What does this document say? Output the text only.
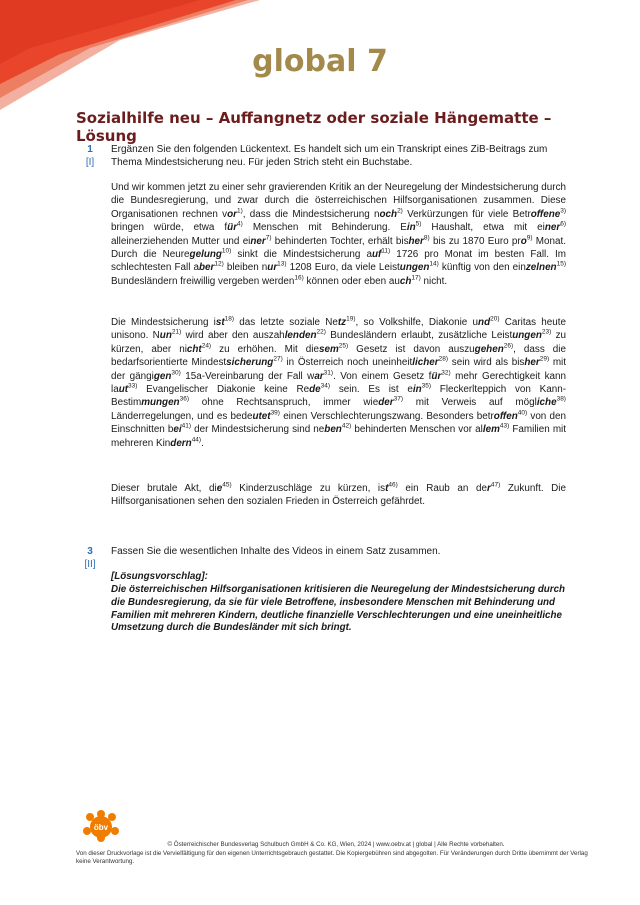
global 7
Sozialhilfe neu – Auffangnetz oder soziale Hängematte – Lösung
1
[I]
Ergänzen Sie den folgenden Lückentext. Es handelt sich um ein Transkript eines ZiB-Beitrags zum Thema Mindestsicherung neu. Für jeden Strich steht ein Buchstabe.
Und wir kommen jetzt zu einer sehr gravierenden Kritik an der Neuregelung der Mindestsicherung durch die Bundesregierung, und zwar durch die österreichischen Hilfsorganisationen zusammen. Diese Organisationen rechnen vor$^{1)}$, dass die Mindestsicherung noch$^{2)}$ Verkürzungen für viele Betroffene$^{3)}$ bringen würde, etwa für$^{4)}$ Menschen mit Behinderung. Ein$^{5)}$ Haushalt, etwa mit einer$^{6)}$ alleinerziehenden Mutter und einer$^{7)}$ behinderten Tochter, erhält bisher$^{8)}$ bis zu 1870 Euro pro$^{9)}$ Monat. Durch die Neuregelung$^{10)}$ sinkt die Mindestsicherung auf$^{11)}$ 1726 pro Monat im besten Fall. Im schlechtesten Fall aber$^{12)}$ bleiben nur$^{13)}$ 1208 Euro, da viele Leistungen$^{14)}$ künftig von den einzelnen$^{15)}$ Bundesländern freiwillig vergeben werden$^{16)}$ können oder eben auch$^{17)}$ nicht.
Die Mindestsicherung ist$^{18)}$ das letzte soziale Netz$^{19)}$, so Volkshilfe, Diakonie und$^{20)}$ Caritas heute unisono. Nun$^{21)}$ wird aber den auszahlenden$^{22)}$ Bundesländern erlaubt, zusätzliche Leistungen$^{23)}$ zu kürzen, aber nicht$^{24)}$ zu erhöhen. Mit diesem$^{25)}$ Gesetz ist davon auszugehen$^{26)}$, dass die bedarfsorientierte Mindestsicherung$^{27)}$ in Österreich noch uneinheitlicher$^{28)}$ sein wird als bisher$^{29)}$ mit der gängigen$^{30)}$ 15a-Vereinbarung der Fall war$^{31)}$. Von einem Gesetz für$^{32)}$ mehr Gerechtigkeit kann laut$^{33)}$ Evangelischer Diakonie keine Rede$^{34)}$ sein. Es ist ein$^{35)}$ Fleckerlteppich von Kann-Bestimmungen$^{36)}$ ohne Rechtsanspruch, immer wieder$^{37)}$ mit Verweis auf mögliche$^{38)}$ Länderregelungen, und es bedeutet$^{39)}$ einen Verschlechterungszwang. Besonders betroffen$^{40)}$ von den Einschnitten bei$^{41)}$ der Mindestsicherung sind neben$^{42)}$ behinderten Menschen vor allem$^{43)}$ Familien mit mehreren Kindern$^{44)}$.
Dieser brutale Akt, die$^{45)}$ Kinderzuschläge zu kürzen, ist$^{46)}$ ein Raub an der$^{47)}$ Zukunft. Die Hilfsorganisationen sehen den sozialen Frieden in Österreich gefährdet.
3
[II]
Fassen Sie die wesentlichen Inhalte des Videos in einem Satz zusammen.
[Lösungsvorschlag]:
Die österreichischen Hilfsorganisationen kritisieren die Neuregelung der Mindestsicherung durch die Bundesregierung, da sie für viele Betroffene, insbesondere Menschen mit Behinderung und Familien mit mehreren Kindern, deutliche finanzielle Verschlechterungen und eine uneinheitliche Umsetzung durch die Bundesländer mit sich bringt.
öbv
© Österreichischer Bundesverlag Schulbuch GmbH & Co. KG, Wien, 2024 | www.oebv.at | global | Alle Rechte vorbehalten.
Von dieser Druckvorlage ist die Vervielfältigung für den eigenen Unterrichtsgebrauch gestattet. Die Kopiergebühren sind abgegolten. Für Veränderungen durch Dritte übernimmt der Verlag keine Verantwortung.
